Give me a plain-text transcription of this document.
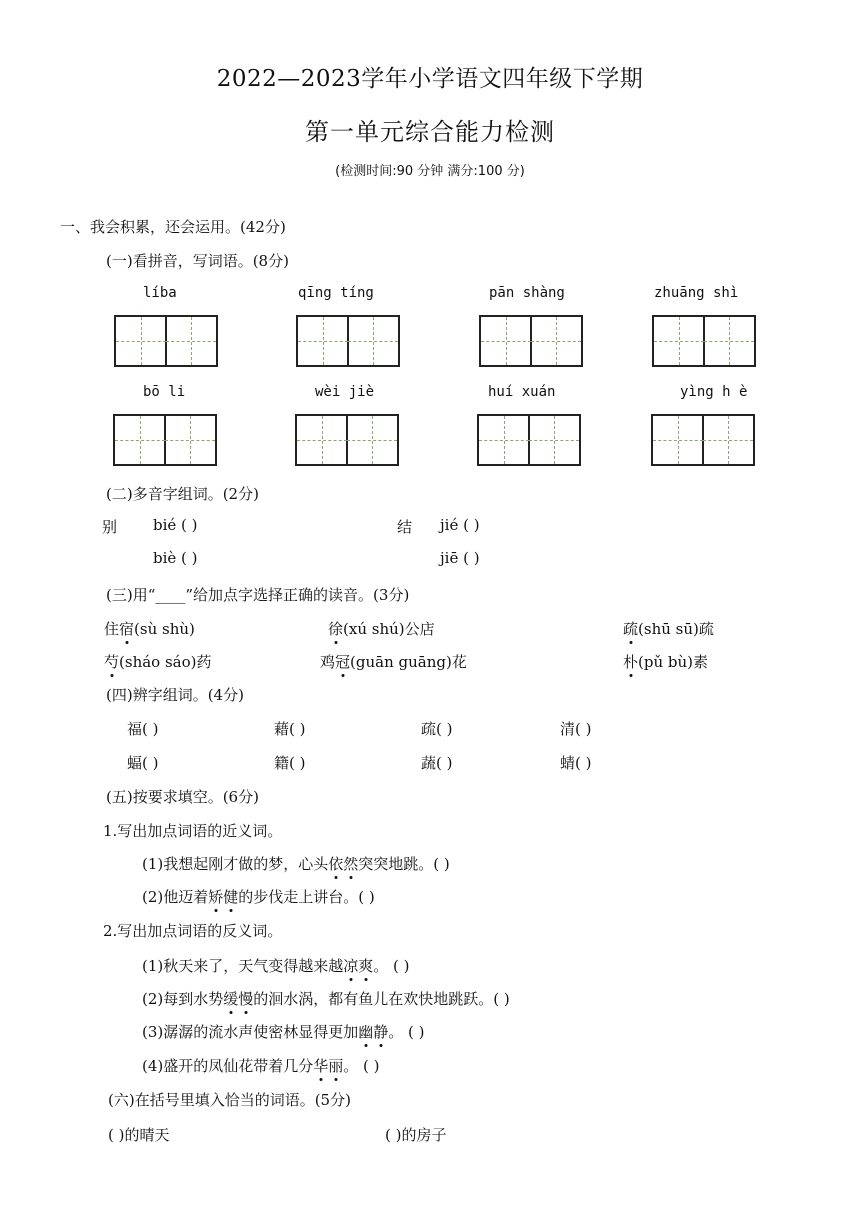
2022—2023学年小学语文四年级下学期
第一单元综合能力检测
(检测时间:90 分钟 满分:100 分)
一、我会积累，还会运用。(42分)
(一)看拼音，写词语。(8分)
líba	qīng tíng	pān shàng	zhuāng shì
bō li	wèi jiè	huí xuán	yìng h è
(二)多音字组词。(2分)
别 bié ( )
biè ( )
结 jié ( )
jiē ( )
(三)用“____”给加点字选择正确的读音。(3分)
住宿(sù shù)	徐(xú shú)公店	疏(shū sū)疏
芍(sháo sáo)药	鸡冠(guān guāng)花	朴(pǔ bù)素
(四)辨字组词。(4分)
福( )	藉( )	疏( )	清( )
蝠( )	籍( )	蔬( )	蜻( )
(五)按要求填空。(6分)
1.写出加点词语的近义词。
(1)我想起刚才做的梦，心头依然突突地跳。( )
(2)他迈着矫健的步伐走上讲台。( )
2.写出加点词语的反义词。
(1)秋天来了，天气变得越来越凉爽。 ( )
(2)每到水势缓慢的洄水涡，都有鱼儿在欢快地跳跃。( )
(3)潺潺的流水声使密林显得更加幽静。 ( )
(4)盛开的凤仙花带着几分华丽。 ( )
(六)在括号里填入恰当的词语。(5分)
( )的晴天	( )的房子
